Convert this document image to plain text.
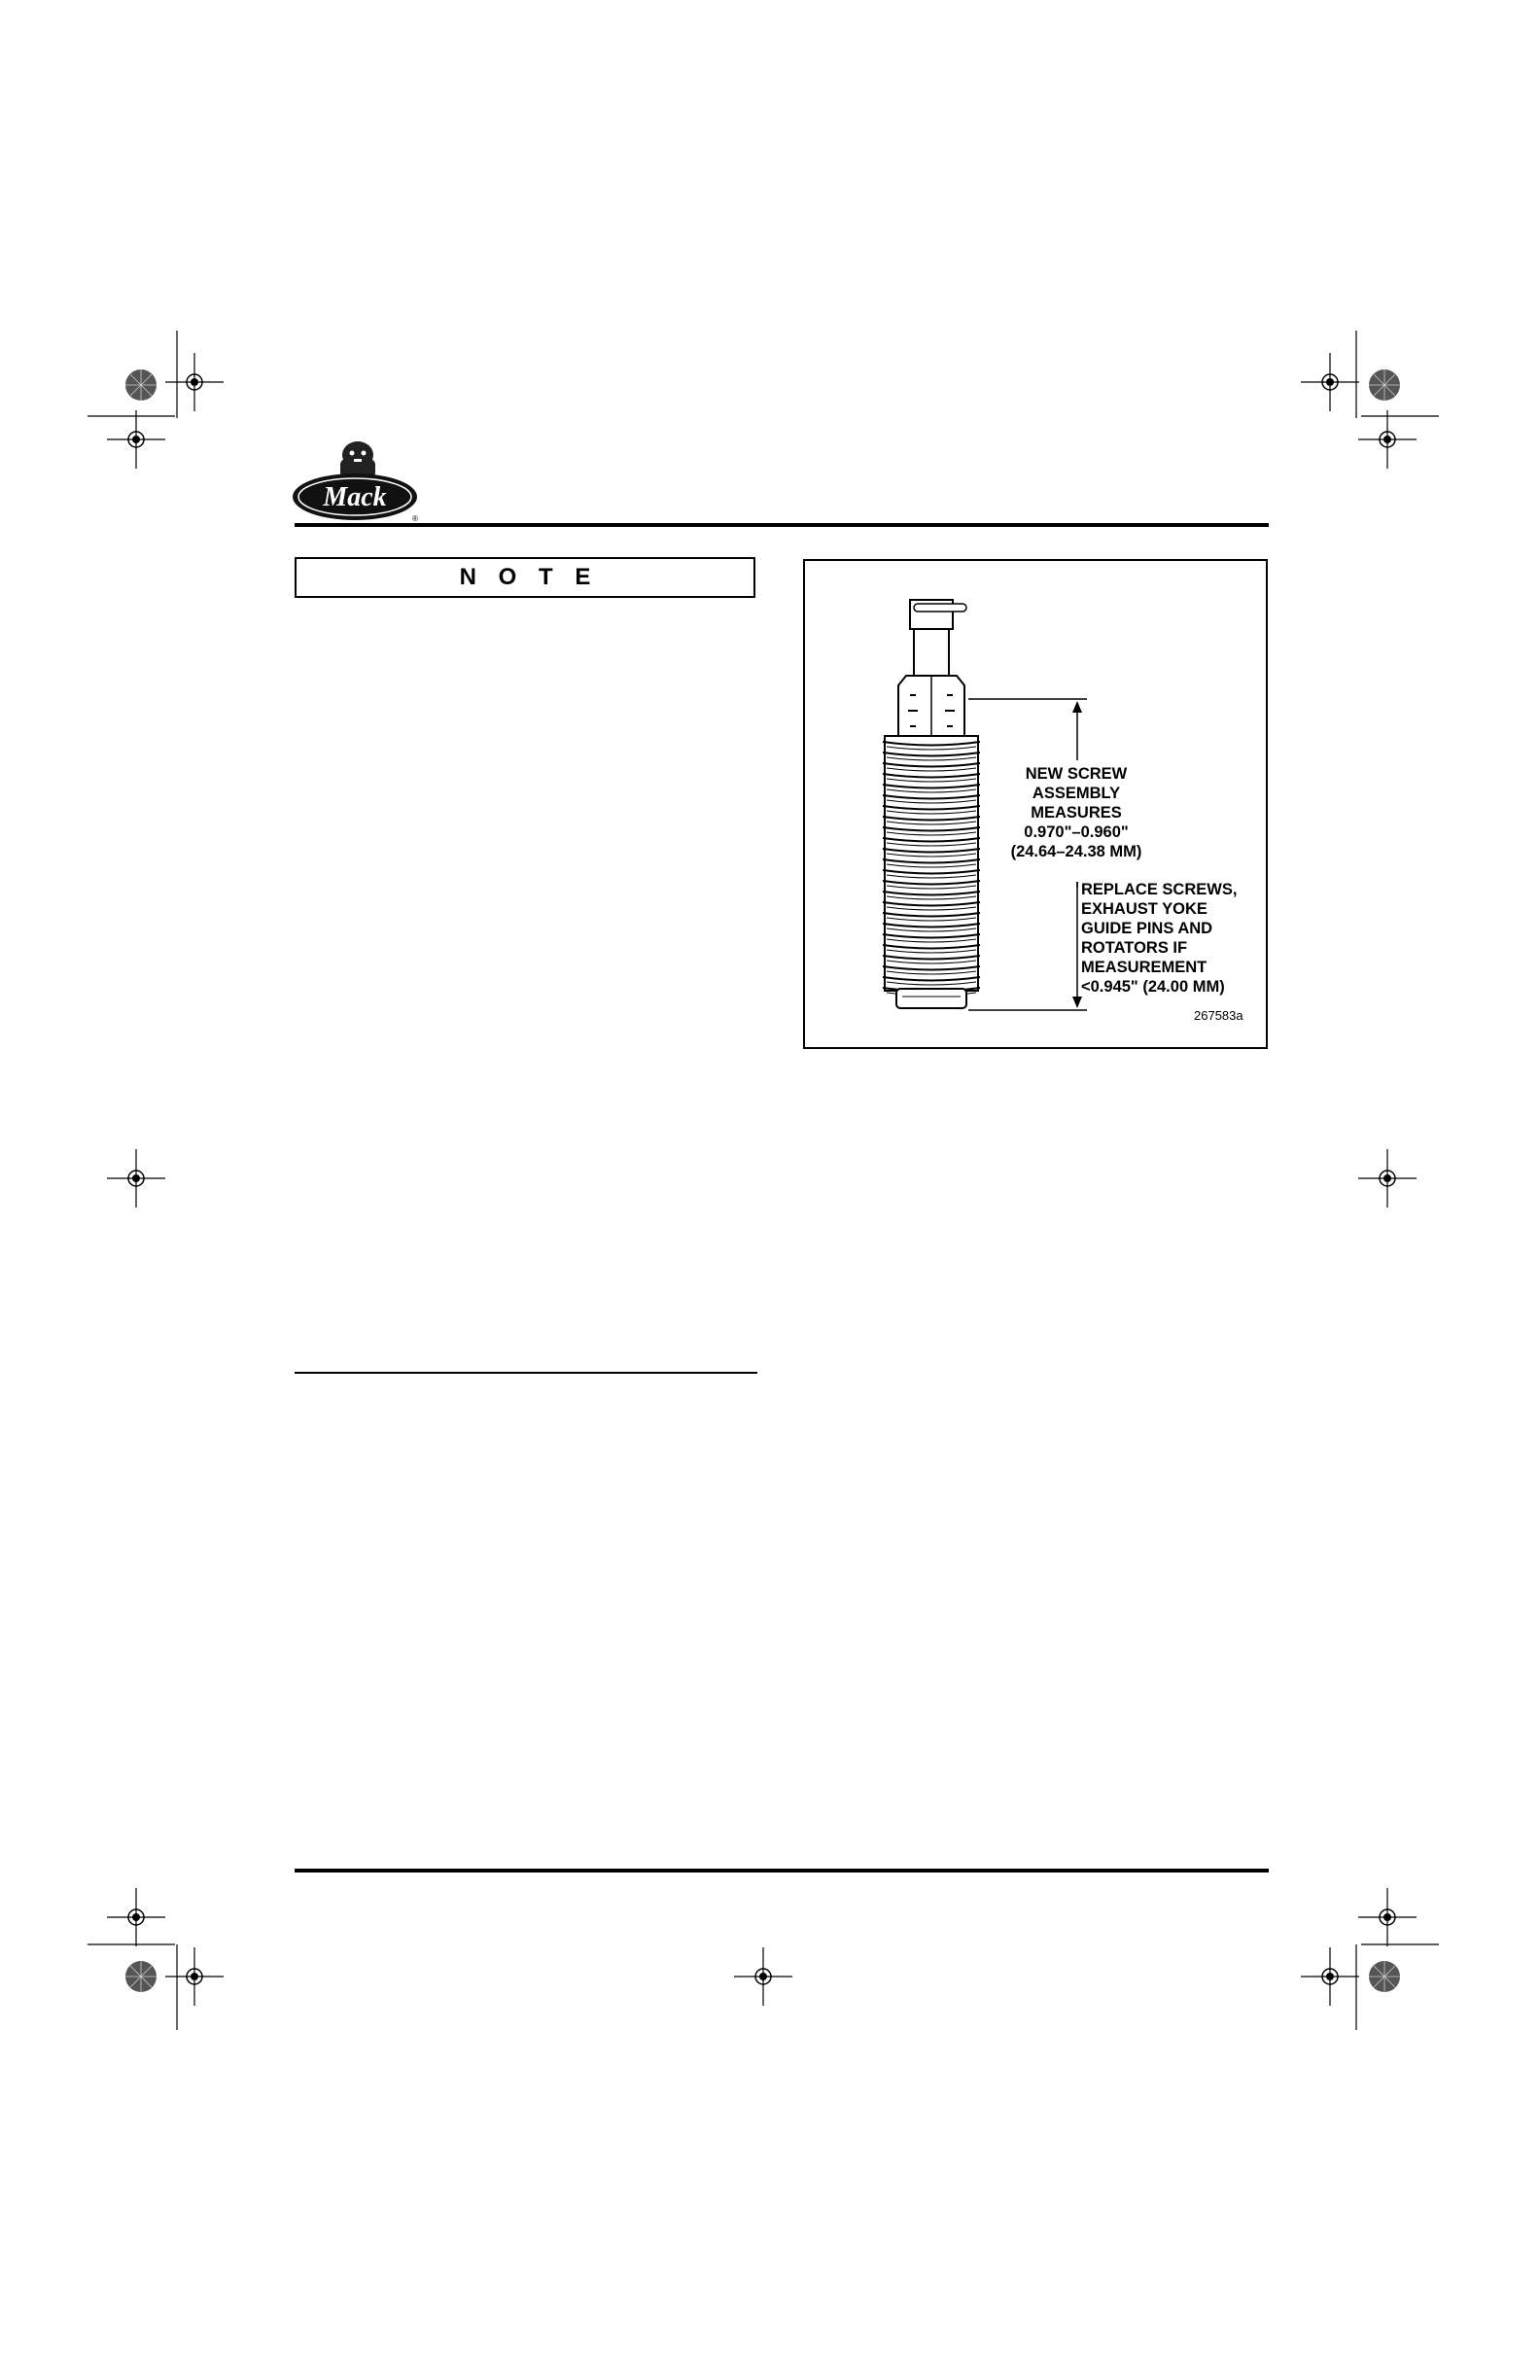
Mack
®
N O T E
NEW SCREW
ASSEMBLY
MEASURES
0.970"–0.960"
(24.64–24.38 MM)
REPLACE SCREWS,
EXHAUST YOKE
GUIDE PINS AND
ROTATORS IF
MEASUREMENT
<0.945" (24.00 MM)
267583a
